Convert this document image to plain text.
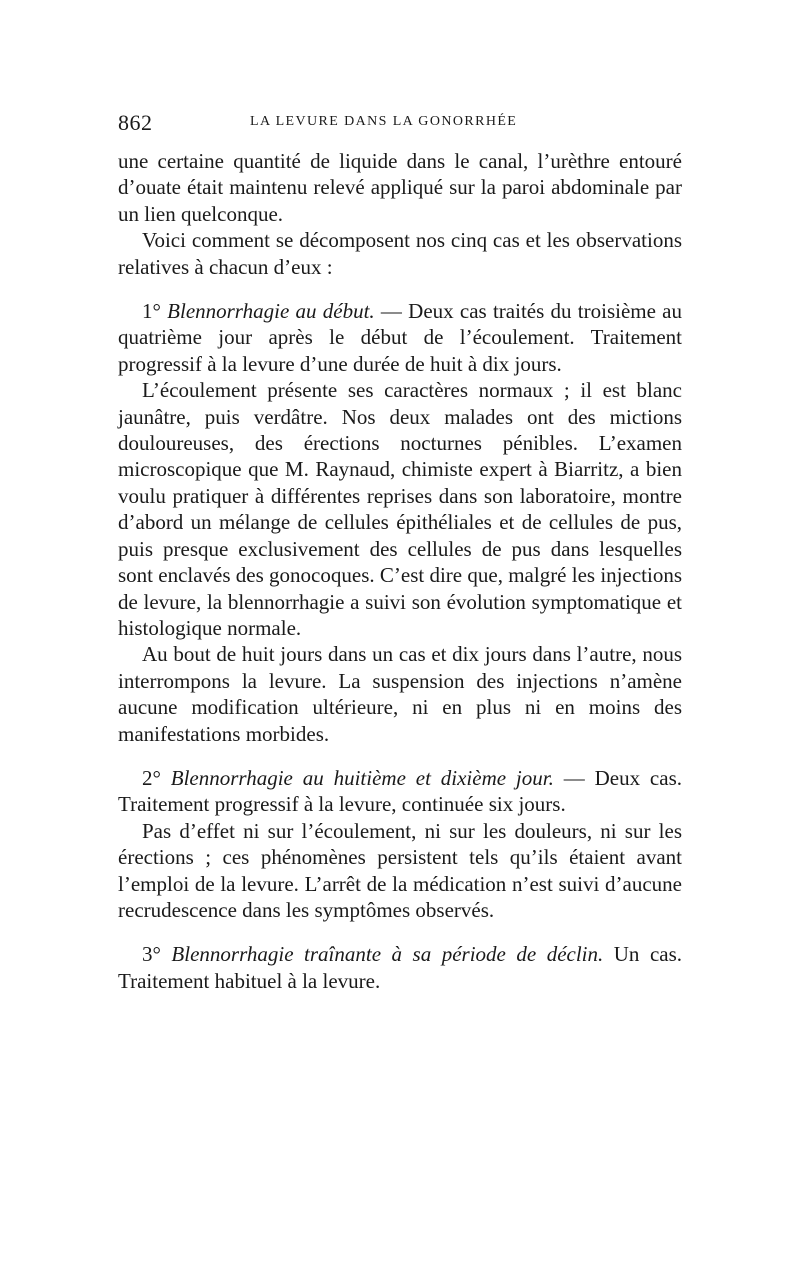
862	LA LEVURE DANS LA GONORRHÉE

une certaine quantité de liquide dans le canal, l’urèthre entouré d’ouate était maintenu relevé appliqué sur la paroi abdominale par un lien quelconque.

Voici comment se décomposent nos cinq cas et les observations relatives à chacun d’eux :

1° Blennorrhagie au début. — Deux cas traités du troisième au quatrième jour après le début de l’écoulement. Traitement progressif à la levure d’une durée de huit à dix jours.

L’écoulement présente ses caractères normaux ; il est blanc jaunâtre, puis verdâtre. Nos deux malades ont des mictions douloureuses, des érections nocturnes pénibles. L’examen microscopique que M. Raynaud, chimiste expert à Biarritz, a bien voulu pratiquer à différentes reprises dans son laboratoire, montre d’abord un mélange de cellules épithéliales et de cellules de pus, puis presque exclusivement des cellules de pus dans lesquelles sont enclavés des gonocoques. C’est dire que, malgré les injections de levure, la blennorrhagie a suivi son évolution symptomatique et histologique normale.

Au bout de huit jours dans un cas et dix jours dans l’autre, nous interrompons la levure. La suspension des injections n’amène aucune modification ultérieure, ni en plus ni en moins des manifestations morbides.

2° Blennorrhagie au huitième et dixième jour. — Deux cas. Traitement progressif à la levure, continuée six jours.

Pas d’effet ni sur l’écoulement, ni sur les douleurs, ni sur les érections ; ces phénomènes persistent tels qu’ils étaient avant l’emploi de la levure. L’arrêt de la médication n’est suivi d’aucune recrudescence dans les symptômes observés.

3° Blennorrhagie traînante à sa période de déclin. Un cas. Traitement habituel à la levure.
